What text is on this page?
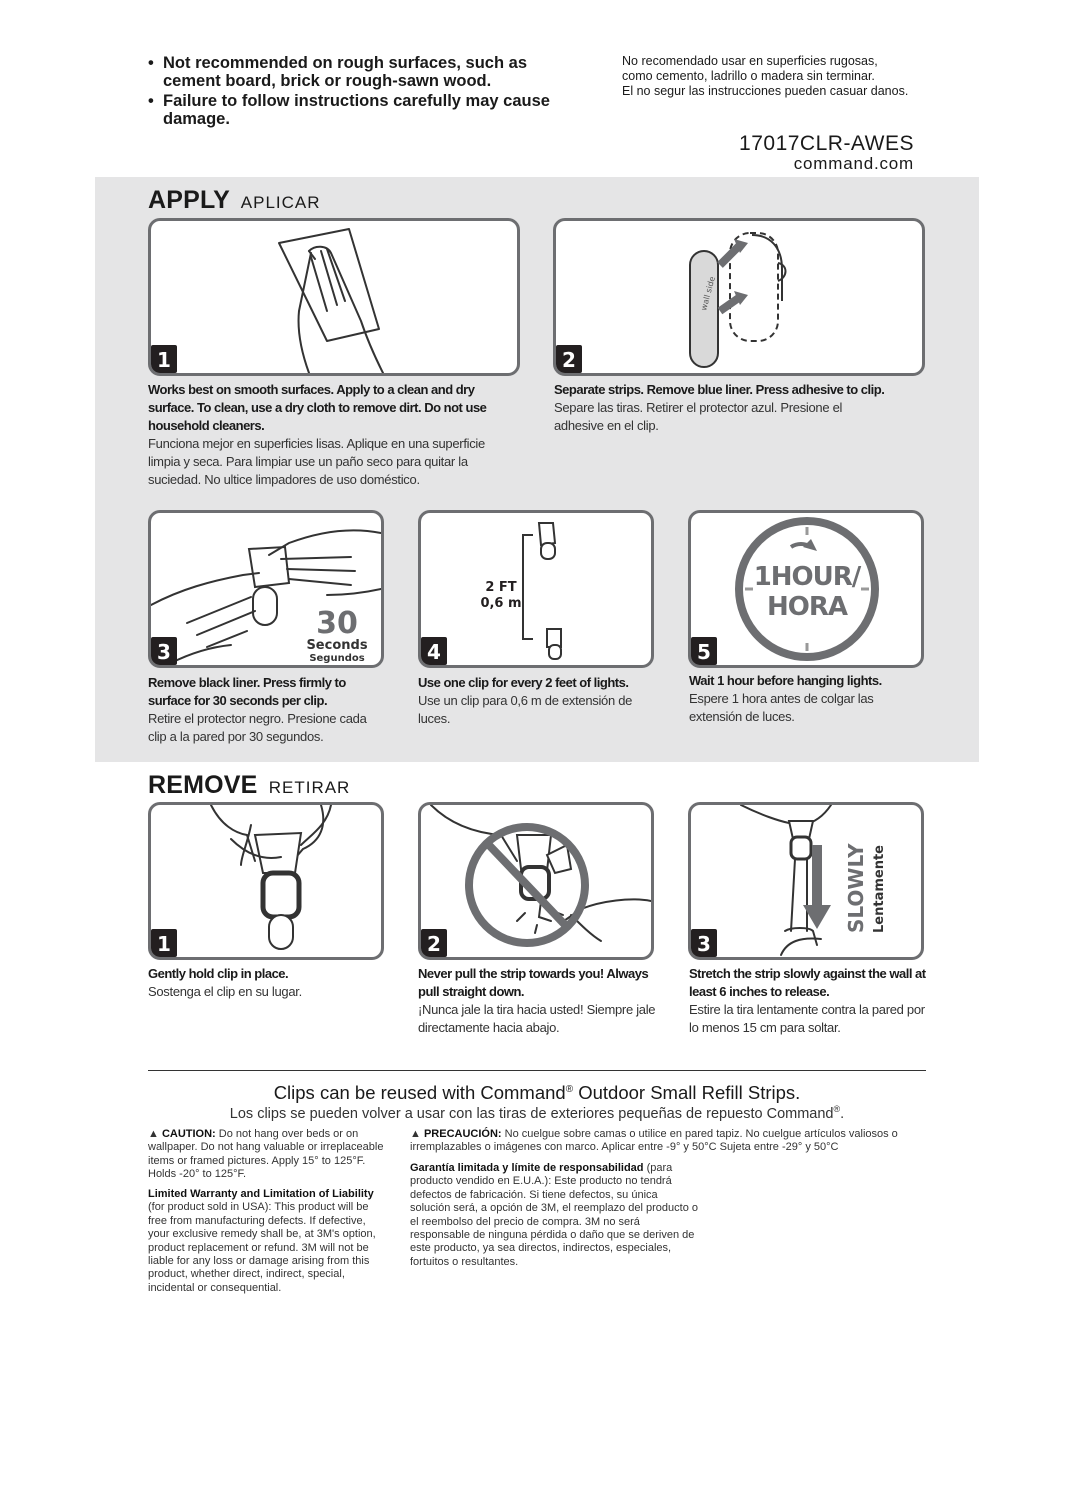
• Not recommended on rough surfaces, such as cement board, brick or rough-sawn wood.
• Failure to follow instructions carefully may cause damage.
No recomendado usar en superficies rugosas,
como cemento, ladrillo o madera sin terminar.
El no segur las instrucciones pueden casuar danos.
17017CLR-AWES
command.com
APPLY APLICAR
1
wall side
2
Works best on smooth surfaces. Apply to a clean and dry surface. To clean, use a dry cloth to remove dirt. Do not use household cleaners.
Funciona mejor en superficies lisas. Aplique en una superficie limpia y seca. Para limpiar use un paño seco para quitar la suciedad. No ultice limpadores de uso doméstico.
Separate strips. Remove blue liner. Press adhesive to clip.
Separe las tiras. Retirer el protector azul. Presione el adhesive en el clip.
30
Seconds
Segundos
3
2 FT
0,6 m
4
1HOUR/
HORA
5
Remove black liner. Press firmly to surface for 30 seconds per clip.
Retire el protector negro. Presione cada clip a la pared por 30 segundos.
Use one clip for every 2 feet of lights.
Use un clip para 0,6 m de extensión de luces.
Wait 1 hour before hanging lights.
Espere 1 hora antes de colgar las extensión de luces.
REMOVE RETIRAR
1	2
SLOWLY Lentamente
3
Gently hold clip in place.
Sostenga el clip en su lugar.
Never pull the strip towards you! Always pull straight down.
¡Nunca jale la tira hacia usted! Siempre jale directamente hacia abajo.
Stretch the strip slowly against the wall at least 6 inches to release.
Estire la tira lentamente contra la pared por lo menos 15 cm para soltar.
Clips can be reused with Command® Outdoor Small Refill Strips.
Los clips se pueden volver a usar con las tiras de exteriores pequeñas de repuesto Command®.
▲ CAUTION: Do not hang over beds or on wallpaper. Do not hang valuable or irreplaceable items or framed pictures. Apply 15° to 125°F. Holds -20° to 125°F.
Limited Warranty and Limitation of Liability (for product sold in USA): This product will be free from manufacturing defects. If defective, your exclusive remedy shall be, at 3M's option, product replacement or refund. 3M will not be liable for any loss or damage arising from this product, whether direct, indirect, special, incidental or consequential.
▲ PRECAUCIÓN: No cuelgue sobre camas o utilice en pared tapiz. No cuelgue artículos valiosos o irremplazables o imágenes con marco. Aplicar entre -9° y 50°C Sujeta entre -29° y 50°C
Garantía limitada y límite de responsabilidad (para producto vendido en E.U.A.): Este producto no tendrá defectos de fabricación. Si tiene defectos, su única solución será, a opción de 3M, el reemplazo del producto o el reembolso del precio de compra. 3M no será responsable de ninguna pérdida o daño que se deriven de este producto, ya sea directos, indirectos, especiales, fortuitos o resultantes.
